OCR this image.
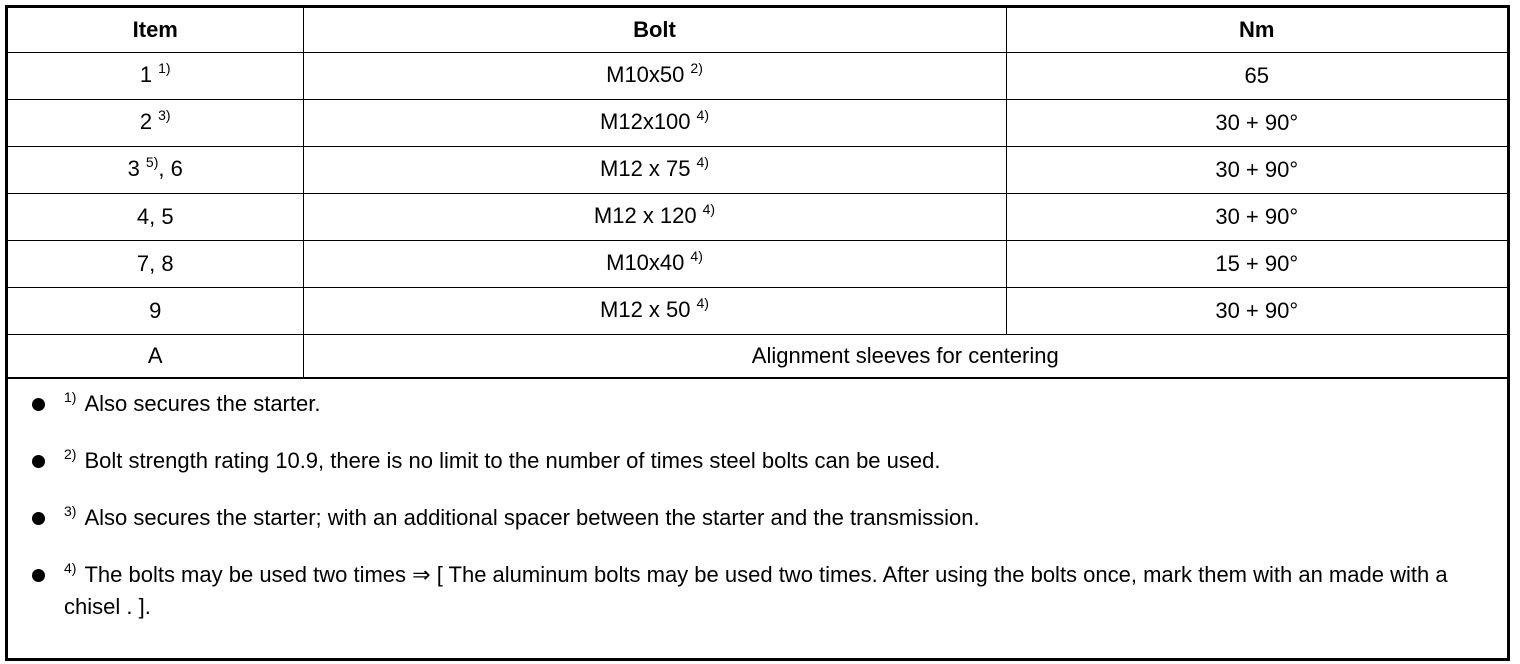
Item	Bolt	Nm
1 $^{1)}$	M10x50 $^{2)}$	65
2 $^{3)}$	M12x100 $^{4)}$	30 + 90°
3 $^{5)}$, 6	M12 x 75 $^{4)}$	30 + 90°
4, 5	M12 x 120 $^{4)}$	30 + 90°
7, 8	M10x40 $^{4)}$	15 + 90°
9	M12 x 50 $^{4)}$	30 + 90°
A	Alignment sleeves for centering	
$^{1)}$ Also secures the starter.
$^{2)}$ Bolt strength rating 10.9, there is no limit to the number of times steel bolts can be used.
$^{3)}$ Also secures the starter; with an additional spacer between the starter and the transmission.
$^{4)}$ The bolts may be used two times ⇒ [ The aluminum bolts may be used two times. After using the bolts once, mark them with an made with a chisel . ].
